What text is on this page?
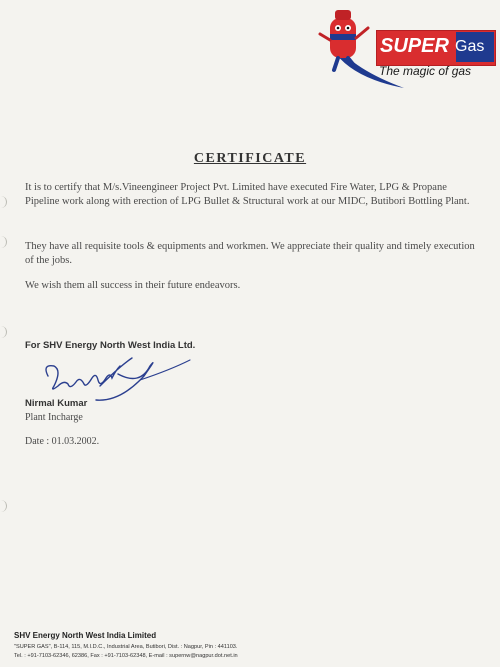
SUPER Gas
The magic of gas
CERTIFICATE
It is to certify that M/s.Vineengineer Project Pvt. Limited have executed Fire Water, LPG & Propane Pipeline work along with erection of LPG Bullet & Structural work at our MIDC, Butibori Bottling Plant.
They have all requisite tools & equipments and workmen. We appreciate their quality and timely execution of the jobs.
We wish them all success in their future endeavors.
For SHV Energy North West India Ltd.
Nirmal Kumar
Plant Incharge
Date : 01.03.2002.
SHV Energy North West India Limited
"SUPER GAS", B-114, 115, M.I.D.C., Industrial Area, Butibori, Dist. : Nagpur, Pin : 441103.
Tel. : +91-7103-62346, 62386, Fax : +91-7103-62348, E-mail : supernw@nagpur.dot.net.in
